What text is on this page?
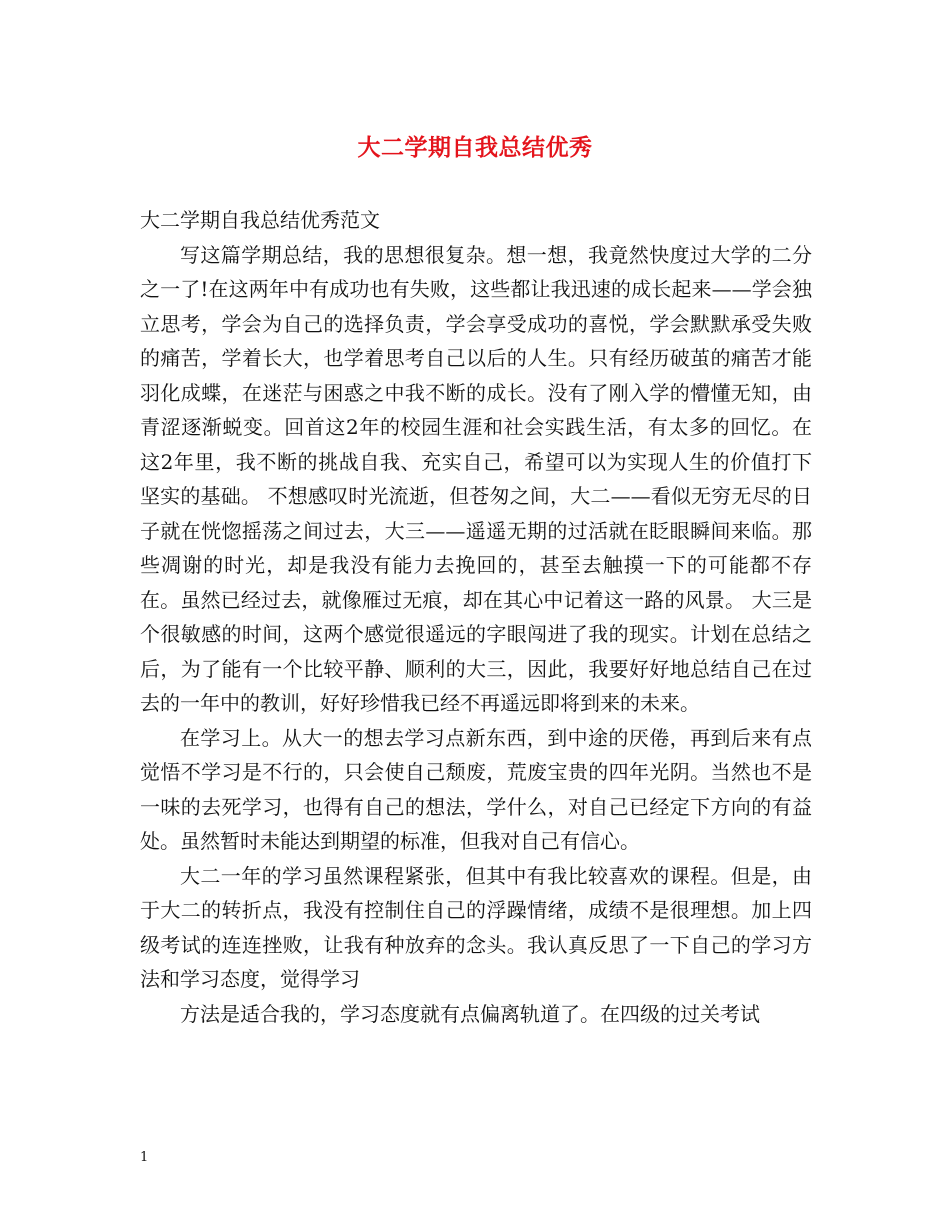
大二学期自我总结优秀

大二学期自我总结优秀范文

写这篇学期总结，我的思想很复杂。想一想，我竟然快度过大学的二分之一了!在这两年中有成功也有失败，这些都让我迅速的成长起来——学会独立思考，学会为自己的选择负责，学会享受成功的喜悦，学会默默承受失败的痛苦，学着长大，也学着思考自己以后的人生。只有经历破茧的痛苦才能羽化成蝶，在迷茫与困惑之中我不断的成长。没有了刚入学的懵懂无知，由青涩逐渐蜕变。回首这2年的校园生涯和社会实践生活，有太多的回忆。在这2年里，我不断的挑战自我、充实自己，希望可以为实现人生的价值打下坚实的基础。 不想感叹时光流逝，但苍匆之间，大二——看似无穷无尽的日子就在恍惚摇荡之间过去，大三——遥遥无期的过活就在眨眼瞬间来临。那些凋谢的时光，却是我没有能力去挽回的，甚至去触摸一下的可能都不存在。虽然已经过去，就像雁过无痕，却在其心中记着这一路的风景。 大三是个很敏感的时间，这两个感觉很遥远的字眼闯进了我的现实。计划在总结之后，为了能有一个比较平静、顺利的大三，因此，我要好好地总结自己在过去的一年中的教训，好好珍惜我已经不再遥远即将到来的未来。

在学习上。从大一的想去学习点新东西，到中途的厌倦，再到后来有点觉悟不学习是不行的，只会使自己颓废，荒废宝贵的四年光阴。当然也不是一味的去死学习，也得有自己的想法，学什么，对自己已经定下方向的有益处。虽然暂时未能达到期望的标准，但我对自己有信心。

大二一年的学习虽然课程紧张，但其中有我比较喜欢的课程。但是，由于大二的转折点，我没有控制住自己的浮躁情绪，成绩不是很理想。加上四级考试的连连挫败，让我有种放弃的念头。我认真反思了一下自己的学习方法和学习态度，觉得学习

方法是适合我的，学习态度就有点偏离轨道了。在四级的过关考试

1
